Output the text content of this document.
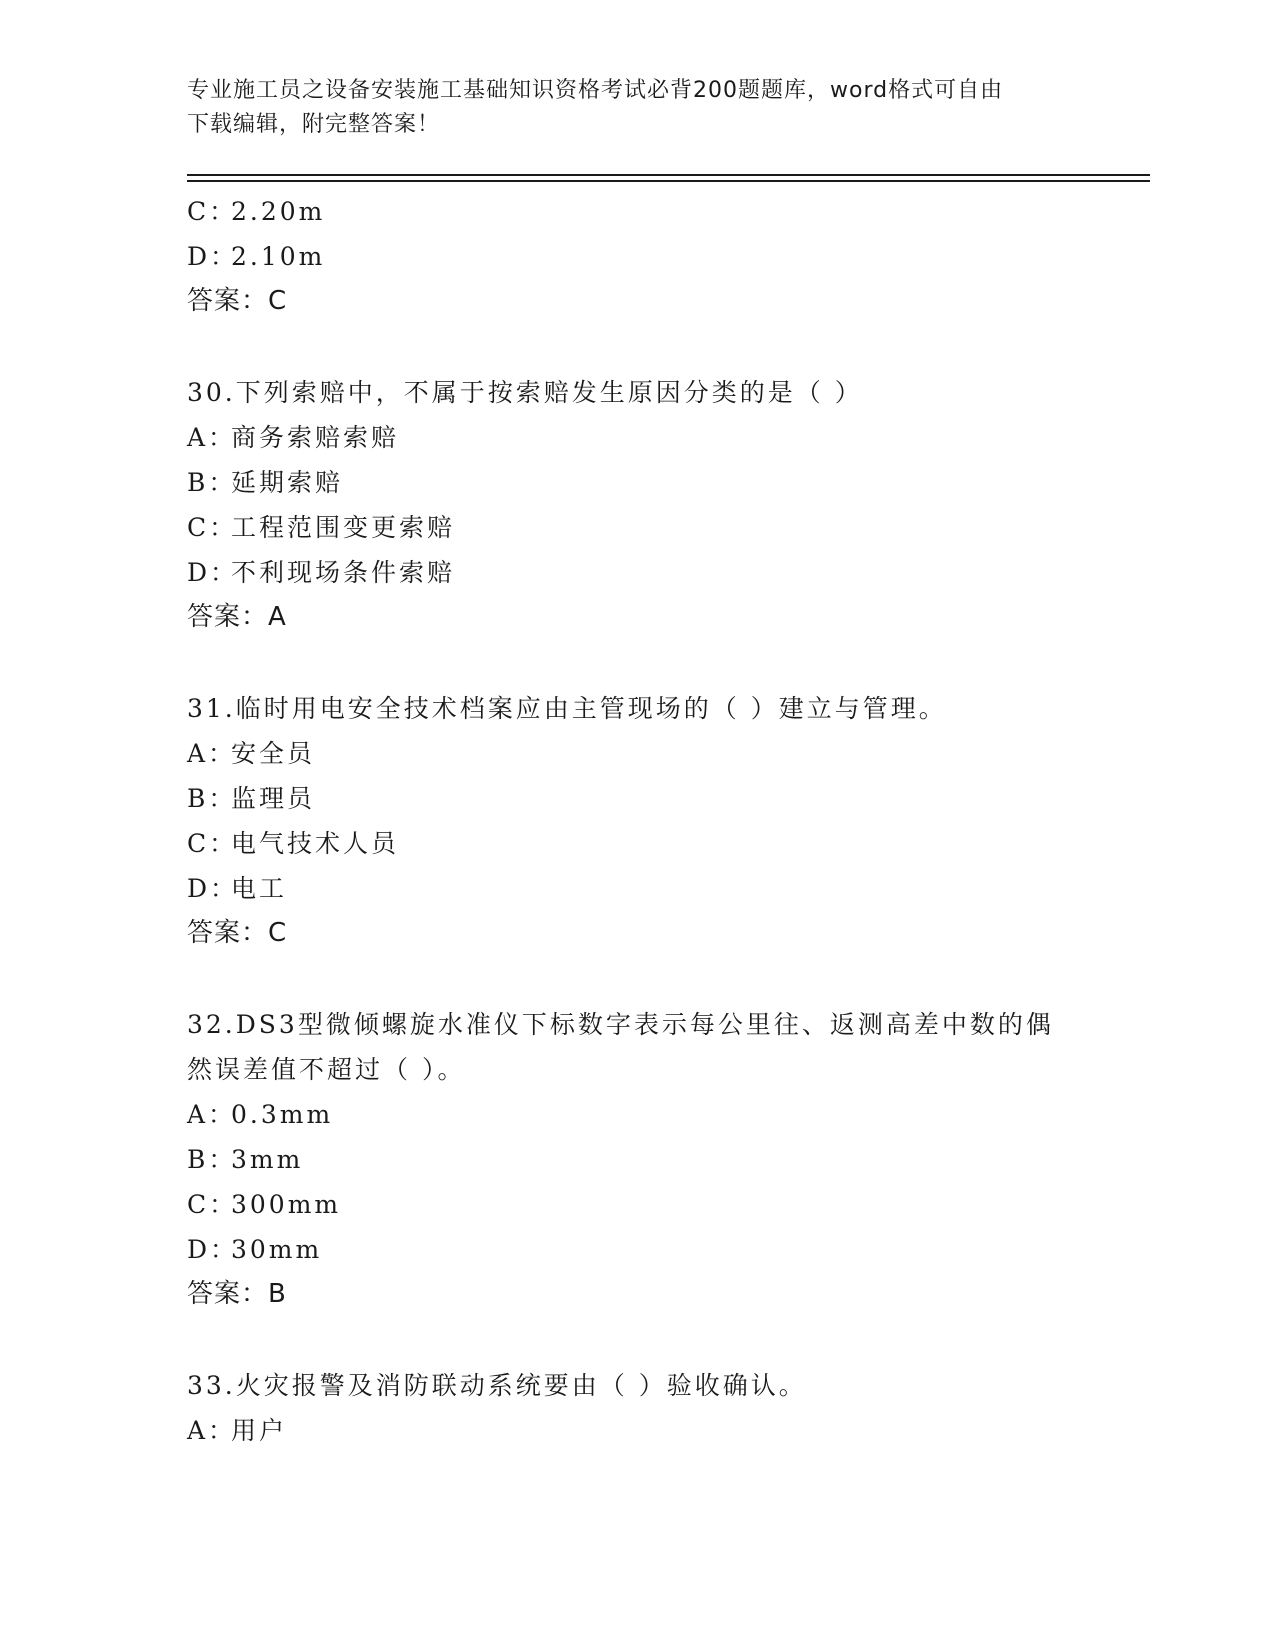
专业施工员之设备安装施工基础知识资格考试必背200题题库，word格式可自由
下载编辑，附完整答案！
C：2.20m
D：2.10m
答案：C
30.下列索赔中，不属于按索赔发生原因分类的是（ ）
A：商务索赔索赔
B：延期索赔
C：工程范围变更索赔
D：不利现场条件索赔
答案：A
31.临时用电安全技术档案应由主管现场的（ ）建立与管理。
A：安全员
B：监理员
C：电气技术人员
D：电工
答案：C
32.DS3型微倾螺旋水准仪下标数字表示每公里往、返测高差中数的偶然误差值不超过（ ）。
A：0.3mm
B：3mm
C：300mm
D：30mm
答案：B
33.火灾报警及消防联动系统要由（ ）验收确认。
A：用户
